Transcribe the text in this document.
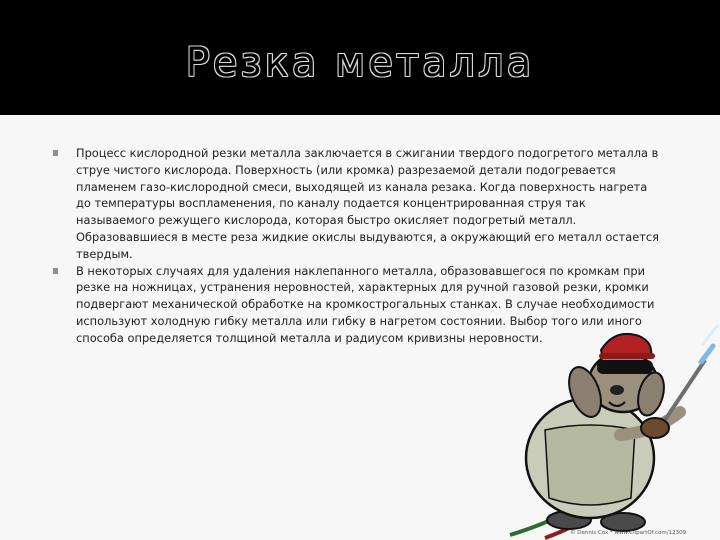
Резка металла

Процесс кислородной резки металла заключается в сжигании твердого подогретого металла в струе чистого кислорода. Поверхность (или кромка) разрезаемой детали подогревается пламенем газо-кислородной смеси, выходящей из канала резака. Когда поверхность нагрета до температуры воспламенения, по каналу подается концентрированная струя так называемого режущего кислорода, которая быстро окисляет подогретый металл. Образовавшиеся в месте реза жидкие окислы выдуваются, а окружающий его металл остается твердым.

В некоторых случаях для удаления наклепанного металла, образовавшегося по кромкам при резке на ножницах, устранения неровностей, характерных для ручной газовой резки, кромки подвергают механической обработке на кромкострогальных станках. В случае необходимости используют холодную гибку металла или гибку в нагретом состоянии. Выбор того или иного способа определяется толщиной металла и радиусом кривизны неровности.

© Dennis Cox * www.ClipartOf.com/12309
